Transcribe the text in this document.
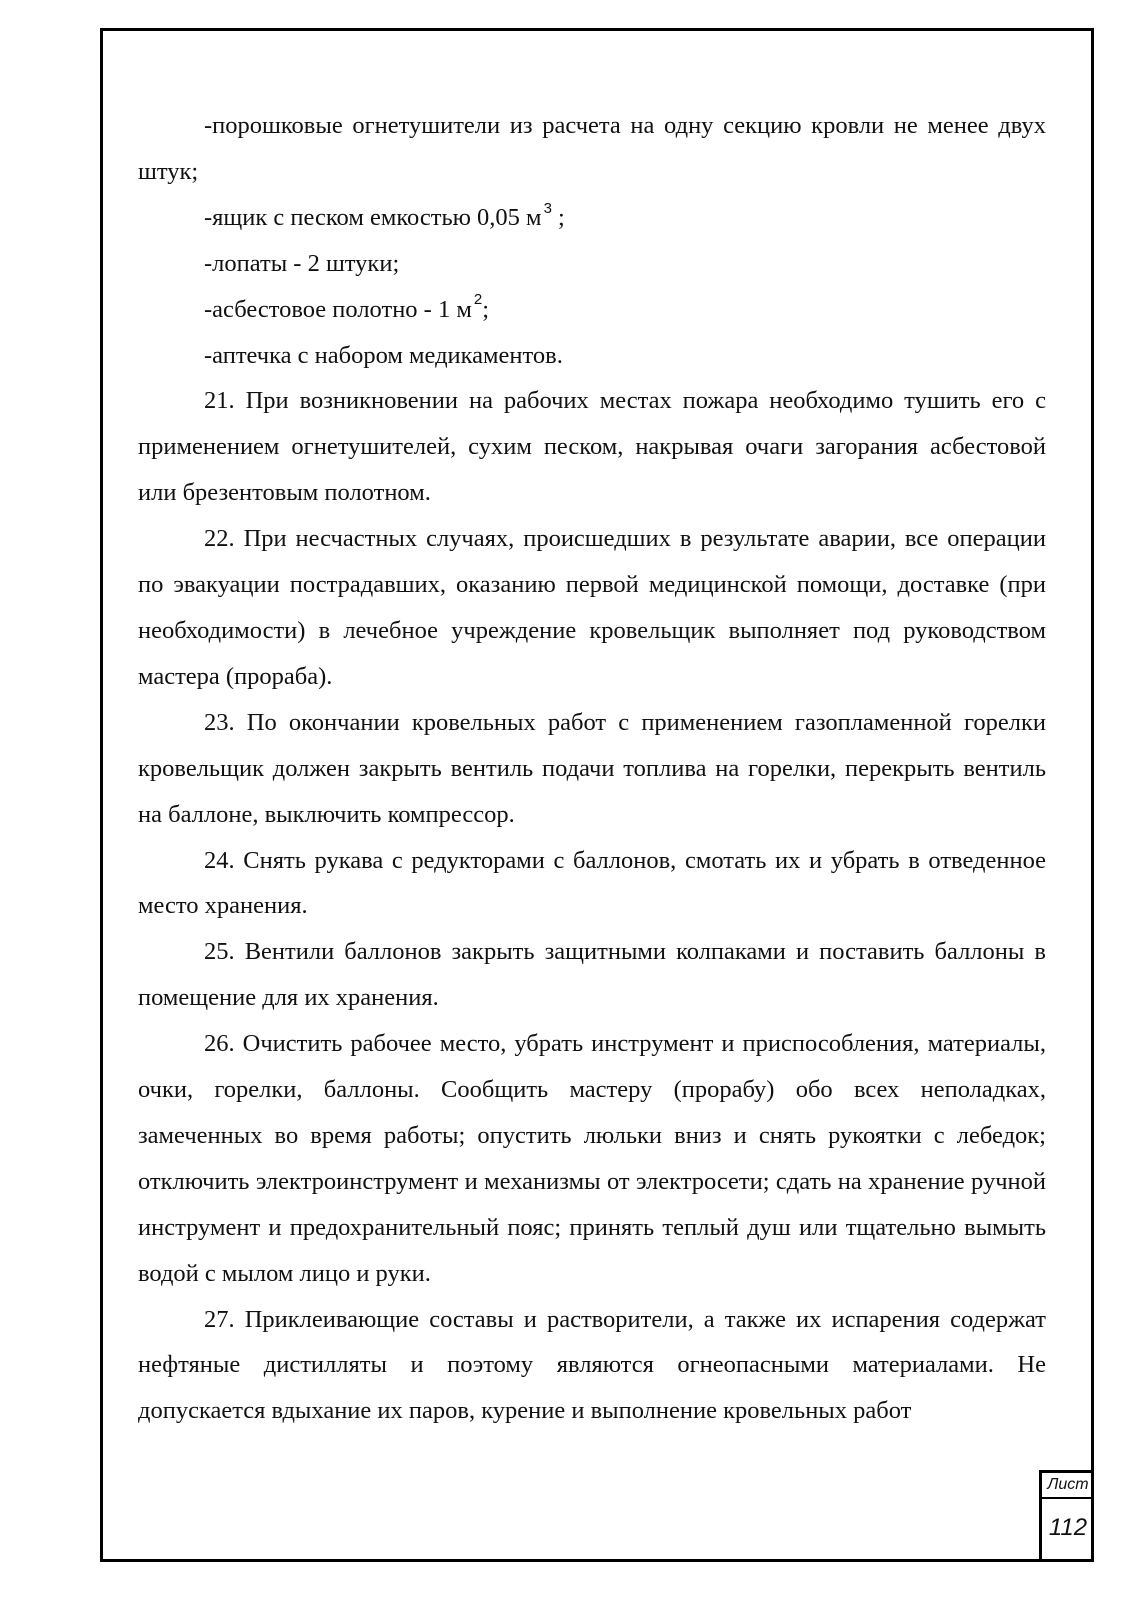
-порошковые огнетушители из расчета на одну секцию кровли не менее двух штук;

-ящик с песком емкостью 0,05 м $^3$ ;

-лопаты - 2 штуки;

-асбестовое полотно - 1 м $^2$;

-аптечка с набором медикаментов.

21. При возникновении на рабочих местах пожара необходимо тушить его с применением огнетушителей, сухим песком, накрывая очаги загорания асбестовой или брезентовым полотном.

22. При несчастных случаях, происшедших в результате аварии, все операции по эвакуации пострадавших, оказанию первой медицинской помощи, доставке (при необходимости) в лечебное учреждение кровельщик выполняет под руководством мастера (прораба).

23. По окончании кровельных работ с применением газопламенной горелки кровельщик должен закрыть вентиль подачи топлива на горелки, перекрыть вентиль на баллоне, выключить компрессор.

24. Снять рукава с редукторами с баллонов, смотать их и убрать в отведенное место хранения.

25. Вентили баллонов закрыть защитными колпаками и поставить баллоны в помещение для их хранения.

26. Очистить рабочее место, убрать инструмент и приспособления, материалы, очки, горелки, баллоны. Сообщить мастеру (прорабу) обо всех неполадках, замеченных во время работы; опустить люльки вниз и снять рукоятки с лебедок; отключить электроинструмент и механизмы от электросети; сдать на хранение ручной инструмент и предохранительный пояс; принять теплый душ или тщательно вымыть водой с мылом лицо и руки.

27. Приклеивающие составы и растворители, а также их испарения содержат нефтяные дистилляты и поэтому являются огнеопасными материалами. Не допускается вдыхание их паров, курение и выполнение кровельных работ

Лист
112
